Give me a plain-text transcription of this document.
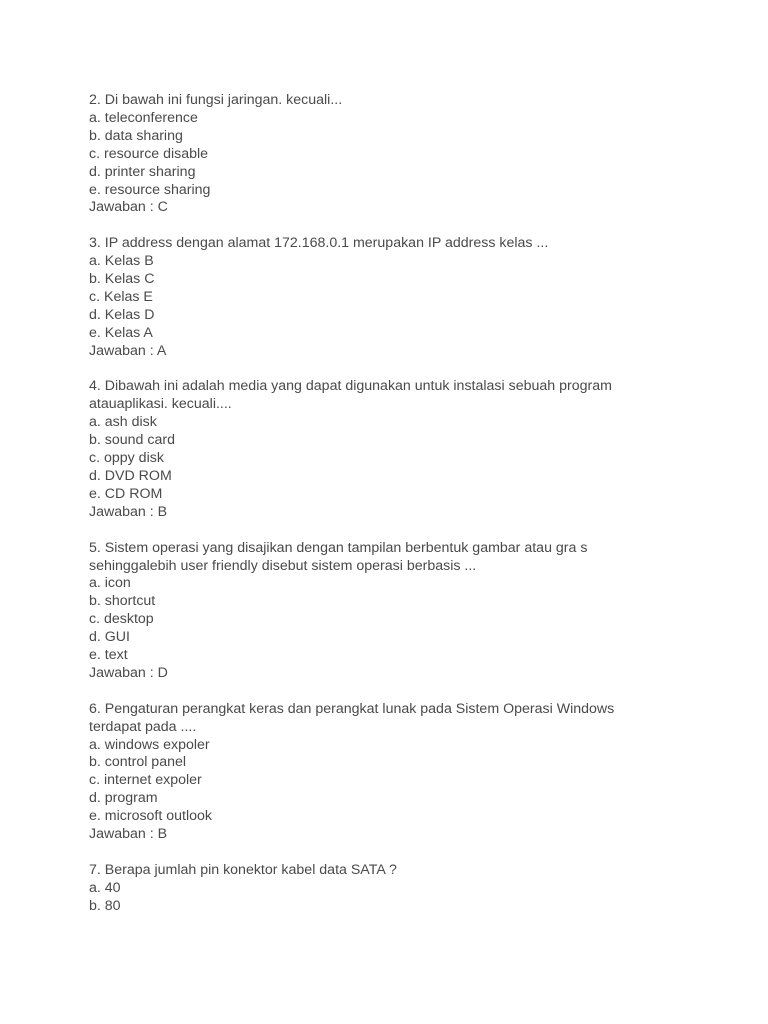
2. Di bawah ini fungsi jaringan. kecuali...
a. teleconference
b. data sharing
c. resource disable
d. printer sharing
e. resource sharing
Jawaban : C
3. IP address dengan alamat 172.168.0.1 merupakan IP address kelas ...
a. Kelas B
b. Kelas C
c. Kelas E
d. Kelas D
e. Kelas A
Jawaban : A
4. Dibawah ini adalah media yang dapat digunakan untuk instalasi sebuah program
atauaplikasi. kecuali....
a. ash disk
b. sound card
c. oppy disk
d. DVD ROM
e. CD ROM
Jawaban : B
5. Sistem operasi yang disajikan dengan tampilan berbentuk gambar atau gra s
sehinggalebih user friendly disebut sistem operasi berbasis ...
a. icon
b. shortcut
c. desktop
d. GUI
e. text
Jawaban : D
6. Pengaturan perangkat keras dan perangkat lunak pada Sistem Operasi Windows
terdapat pada ....
a. windows expoler
b. control panel
c. internet expoler
d. program
e. microsoft outlook
Jawaban : B
7. Berapa jumlah pin konektor kabel data SATA ?
a. 40
b. 80
